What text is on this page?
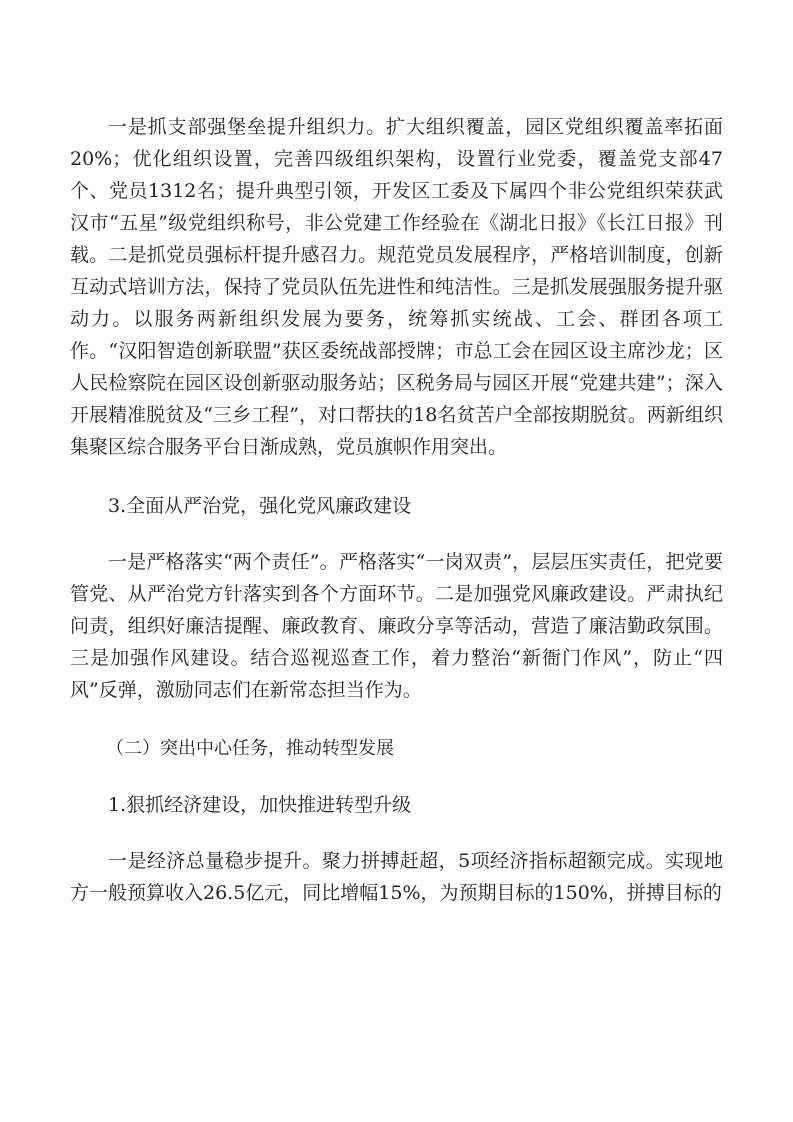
一是抓支部强堡垒提升组织力。扩大组织覆盖，园区党组织覆盖率拓面20%；优化组织设置，完善四级组织架构，设置行业党委，覆盖党支部47个、党员1312名；提升典型引领，开发区工委及下属四个非公党组织荣获武汉市“五星”级党组织称号，非公党建工作经验在《湖北日报》《长江日报》刊载。二是抓党员强标杆提升感召力。规范党员发展程序，严格培训制度，创新互动式培训方法，保持了党员队伍先进性和纯洁性。三是抓发展强服务提升驱动力。以服务两新组织发展为要务，统筹抓实统战、工会、群团各项工作。“汉阳智造创新联盟”获区委统战部授牌；市总工会在园区设主席沙龙；区人民检察院在园区设创新驱动服务站；区税务局与园区开展“党建共建”；深入开展精准脱贫及“三乡工程”，对口帮扶的18名贫苦户全部按期脱贫。两新组织集聚区综合服务平台日渐成熟，党员旗帜作用突出。

3.全面从严治党，强化党风廉政建设

一是严格落实“两个责任”。严格落实“一岗双责”，层层压实责任，把党要管党、从严治党方针落实到各个方面环节。二是加强党风廉政建设。严肃执纪问责，组织好廉洁提醒、廉政教育、廉政分享等活动，营造了廉洁勤政氛围。三是加强作风建设。结合巡视巡查工作，着力整治“新衙门作风”，防止“四风”反弹，激励同志们在新常态担当作为。

（二）突出中心任务，推动转型发展

1.狠抓经济建设，加快推进转型升级

一是经济总量稳步提升。聚力拼搏赶超，5项经济指标超额完成。实现地方一般预算收入26.5亿元，同比增幅15%，为预期目标的150%，拼搏目标的
